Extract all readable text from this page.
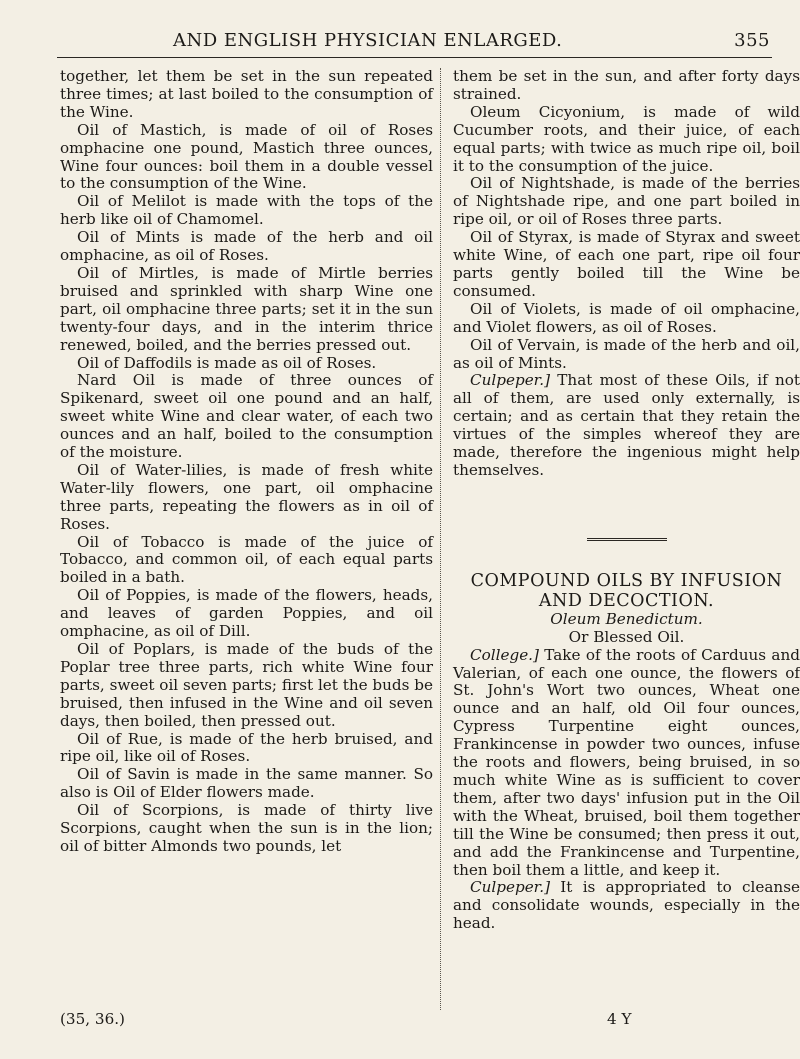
AND ENGLISH PHYSICIAN ENLARGED.	355

together, let them be set in the sun repeated three times; at last boiled to the consumption of the Wine.

Oil of Mastich, is made of oil of Roses omphacine one pound, Mastich three ounces, Wine four ounces: boil them in a double vessel to the consumption of the Wine.

Oil of Melilot is made with the tops of the herb like oil of Chamomel.

Oil of Mints is made of the herb and oil omphacine, as oil of Roses.

Oil of Mirtles, is made of Mirtle berries bruised and sprinkled with sharp Wine one part, oil omphacine three parts; set it in the sun twenty-four days, and in the interim thrice renewed, boiled, and the berries pressed out.

Oil of Daffodils is made as oil of Roses.

Nard Oil is made of three ounces of Spikenard, sweet oil one pound and an half, sweet white Wine and clear water, of each two ounces and an half, boiled to the consumption of the moisture.

Oil of Water-lilies, is made of fresh white Water-lily flowers, one part, oil omphacine three parts, repeating the flowers as in oil of Roses.

Oil of Tobacco is made of the juice of Tobacco, and common oil, of each equal parts boiled in a bath.

Oil of Poppies, is made of the flowers, heads, and leaves of garden Poppies, and oil omphacine, as oil of Dill.

Oil of Poplars, is made of the buds of the Poplar tree three parts, rich white Wine four parts, sweet oil seven parts; first let the buds be bruised, then infused in the Wine and oil seven days, then boiled, then pressed out.

Oil of Rue, is made of the herb bruised, and ripe oil, like oil of Roses.

Oil of Savin is made in the same manner. So also is Oil of Elder flowers made.

Oil of Scorpions, is made of thirty live Scorpions, caught when the sun is in the lion; oil of bitter Almonds two pounds, let

them be set in the sun, and after forty days strained.

Oleum Cicyonium, is made of wild Cucumber roots, and their juice, of each equal parts; with twice as much ripe oil, boil it to the consumption of the juice.

Oil of Nightshade, is made of the berries of Nightshade ripe, and one part boiled in ripe oil, or oil of Roses three parts.

Oil of Styrax, is made of Styrax and sweet white Wine, of each one part, ripe oil four parts gently boiled till the Wine be consumed.

Oil of Violets, is made of oil omphacine, and Violet flowers, as oil of Roses.

Oil of Vervain, is made of the herb and oil, as oil of Mints.

Culpeper.] That most of these Oils, if not all of them, are used only externally, is certain; and as certain that they retain the virtues of the simples whereof they are made, therefore the ingenious might help themselves.

COMPOUND OILS BY INFUSION AND DECOCTION.

Oleum Benedictum.

Or Blessed Oil.

College.] Take of the roots of Carduus and Valerian, of each one ounce, the flowers of St. John's Wort two ounces, Wheat one ounce and an half, old Oil four ounces, Cypress Turpentine eight ounces, Frankincense in powder two ounces, infuse the roots and flowers, being bruised, in so much white Wine as is sufficient to cover them, after two days' infusion put in the Oil with the Wheat, bruised, boil them together till the Wine be consumed; then press it out, and add the Frankincense and Turpentine, then boil them a little, and keep it.

Culpeper.] It is appropriated to cleanse and consolidate wounds, especially in the head.

(35, 36.)	4 Y
